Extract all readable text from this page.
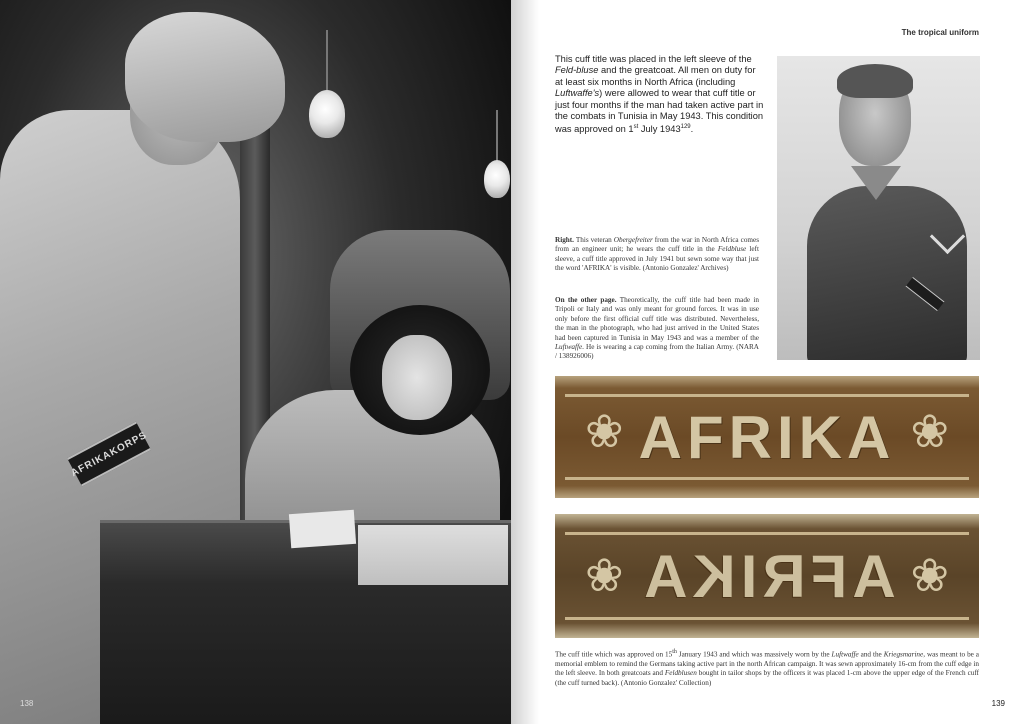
AFRIKAKORPS
138
The tropical uniform
This cuff title was placed in the left sleeve of the Feld-bluse and the greatcoat. All men on duty for at least six months in North Africa (including Luftwaffe's) were allowed to wear that cuff title or just four months if the man had taken active part in the combats in Tunisia in May 1943. This condition was approved on 1st July 1943$^{129}$.
Right. This veteran Obergefreiter from the war in North Africa comes from an engineer unit; he wears the cuff title in the Feldbluse left sleeve, a cuff title approved in July 1941 but sewn some way that just the word 'AFRIKA' is visible. (Antonio Gonzalez' Archives)
On the other page. Theoretically, the cuff title had been made in Tripoli or Italy and was only meant for ground forces. It was in use only before the first official cuff title was distributed. Nevertheless, the man in the photograph, who had just arrived in the United States had been captured in Tunisia in May 1943 and was a member of the Luftwaffe. He is wearing a cap coming from the Italian Army. (NARA / 138926006)
❀ AFRIKA ❀
❀ AFRIKA ❀
The cuff title which was approved on 15th January 1943 and which was massively worn by the Luftwaffe and the Kriegsmarine, was meant to be a memorial emblem to remind the Germans taking active part in the north African campaign. It was sewn approximately 16-cm from the cuff edge in the left sleeve. In both greatcoats and Feldblusen bought in tailor shops by the officers it was placed 1-cm above the upper edge of the French cuff (the cuff turned back). (Antonio Gonzalez' Collection)
139
